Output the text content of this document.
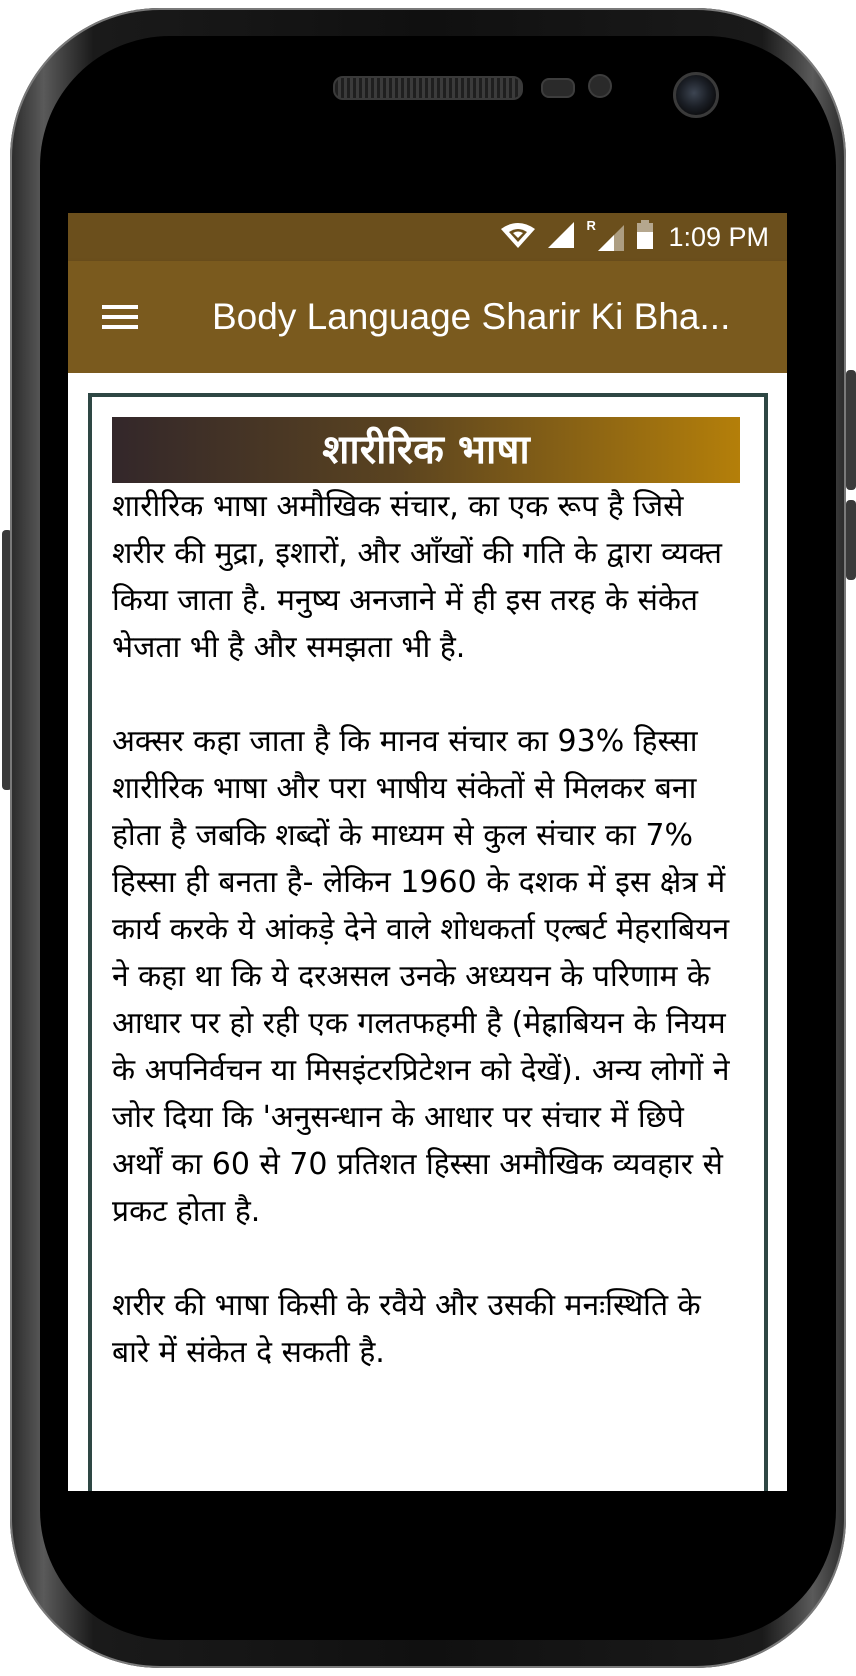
R	1:09 PM
Body Language Sharir Ki Bha...
शारीरिक भाषा

शारीरिक भाषा अमौखिक संचार, का एक रूप है जिसे शरीर की मुद्रा, इशारों, और आँखों की गति के द्वारा व्यक्त किया जाता है. मनुष्य अनजाने में ही इस तरह के संकेत भेजता भी है और समझता भी है.

अक्सर कहा जाता है कि मानव संचार का 93% हिस्सा शारीरिक भाषा और परा भाषीय संकेतों से मिलकर बना होता है जबकि शब्दों के माध्यम से कुल संचार का 7% हिस्सा ही बनता है- लेकिन 1960 के दशक में इस क्षेत्र में कार्य करके ये आंकड़े देने वाले शोधकर्ता एल्बर्ट मेहराबियन ने कहा था कि ये दरअसल उनके अध्ययन के परिणाम के आधार पर हो रही एक गलतफहमी है (मेह्राबियन के नियम के अपनिर्वचन या मिसइंटरप्रिटेशन को देखें). अन्य लोगों ने जोर दिया कि 'अनुसन्धान के आधार पर संचार में छिपे अर्थों का 60 से 70 प्रतिशत हिस्सा अमौखिक व्यवहार से प्रकट होता है.

शरीर की भाषा किसी के रवैये और उसकी मनःस्थिति के बारे में संकेत दे सकती है.
